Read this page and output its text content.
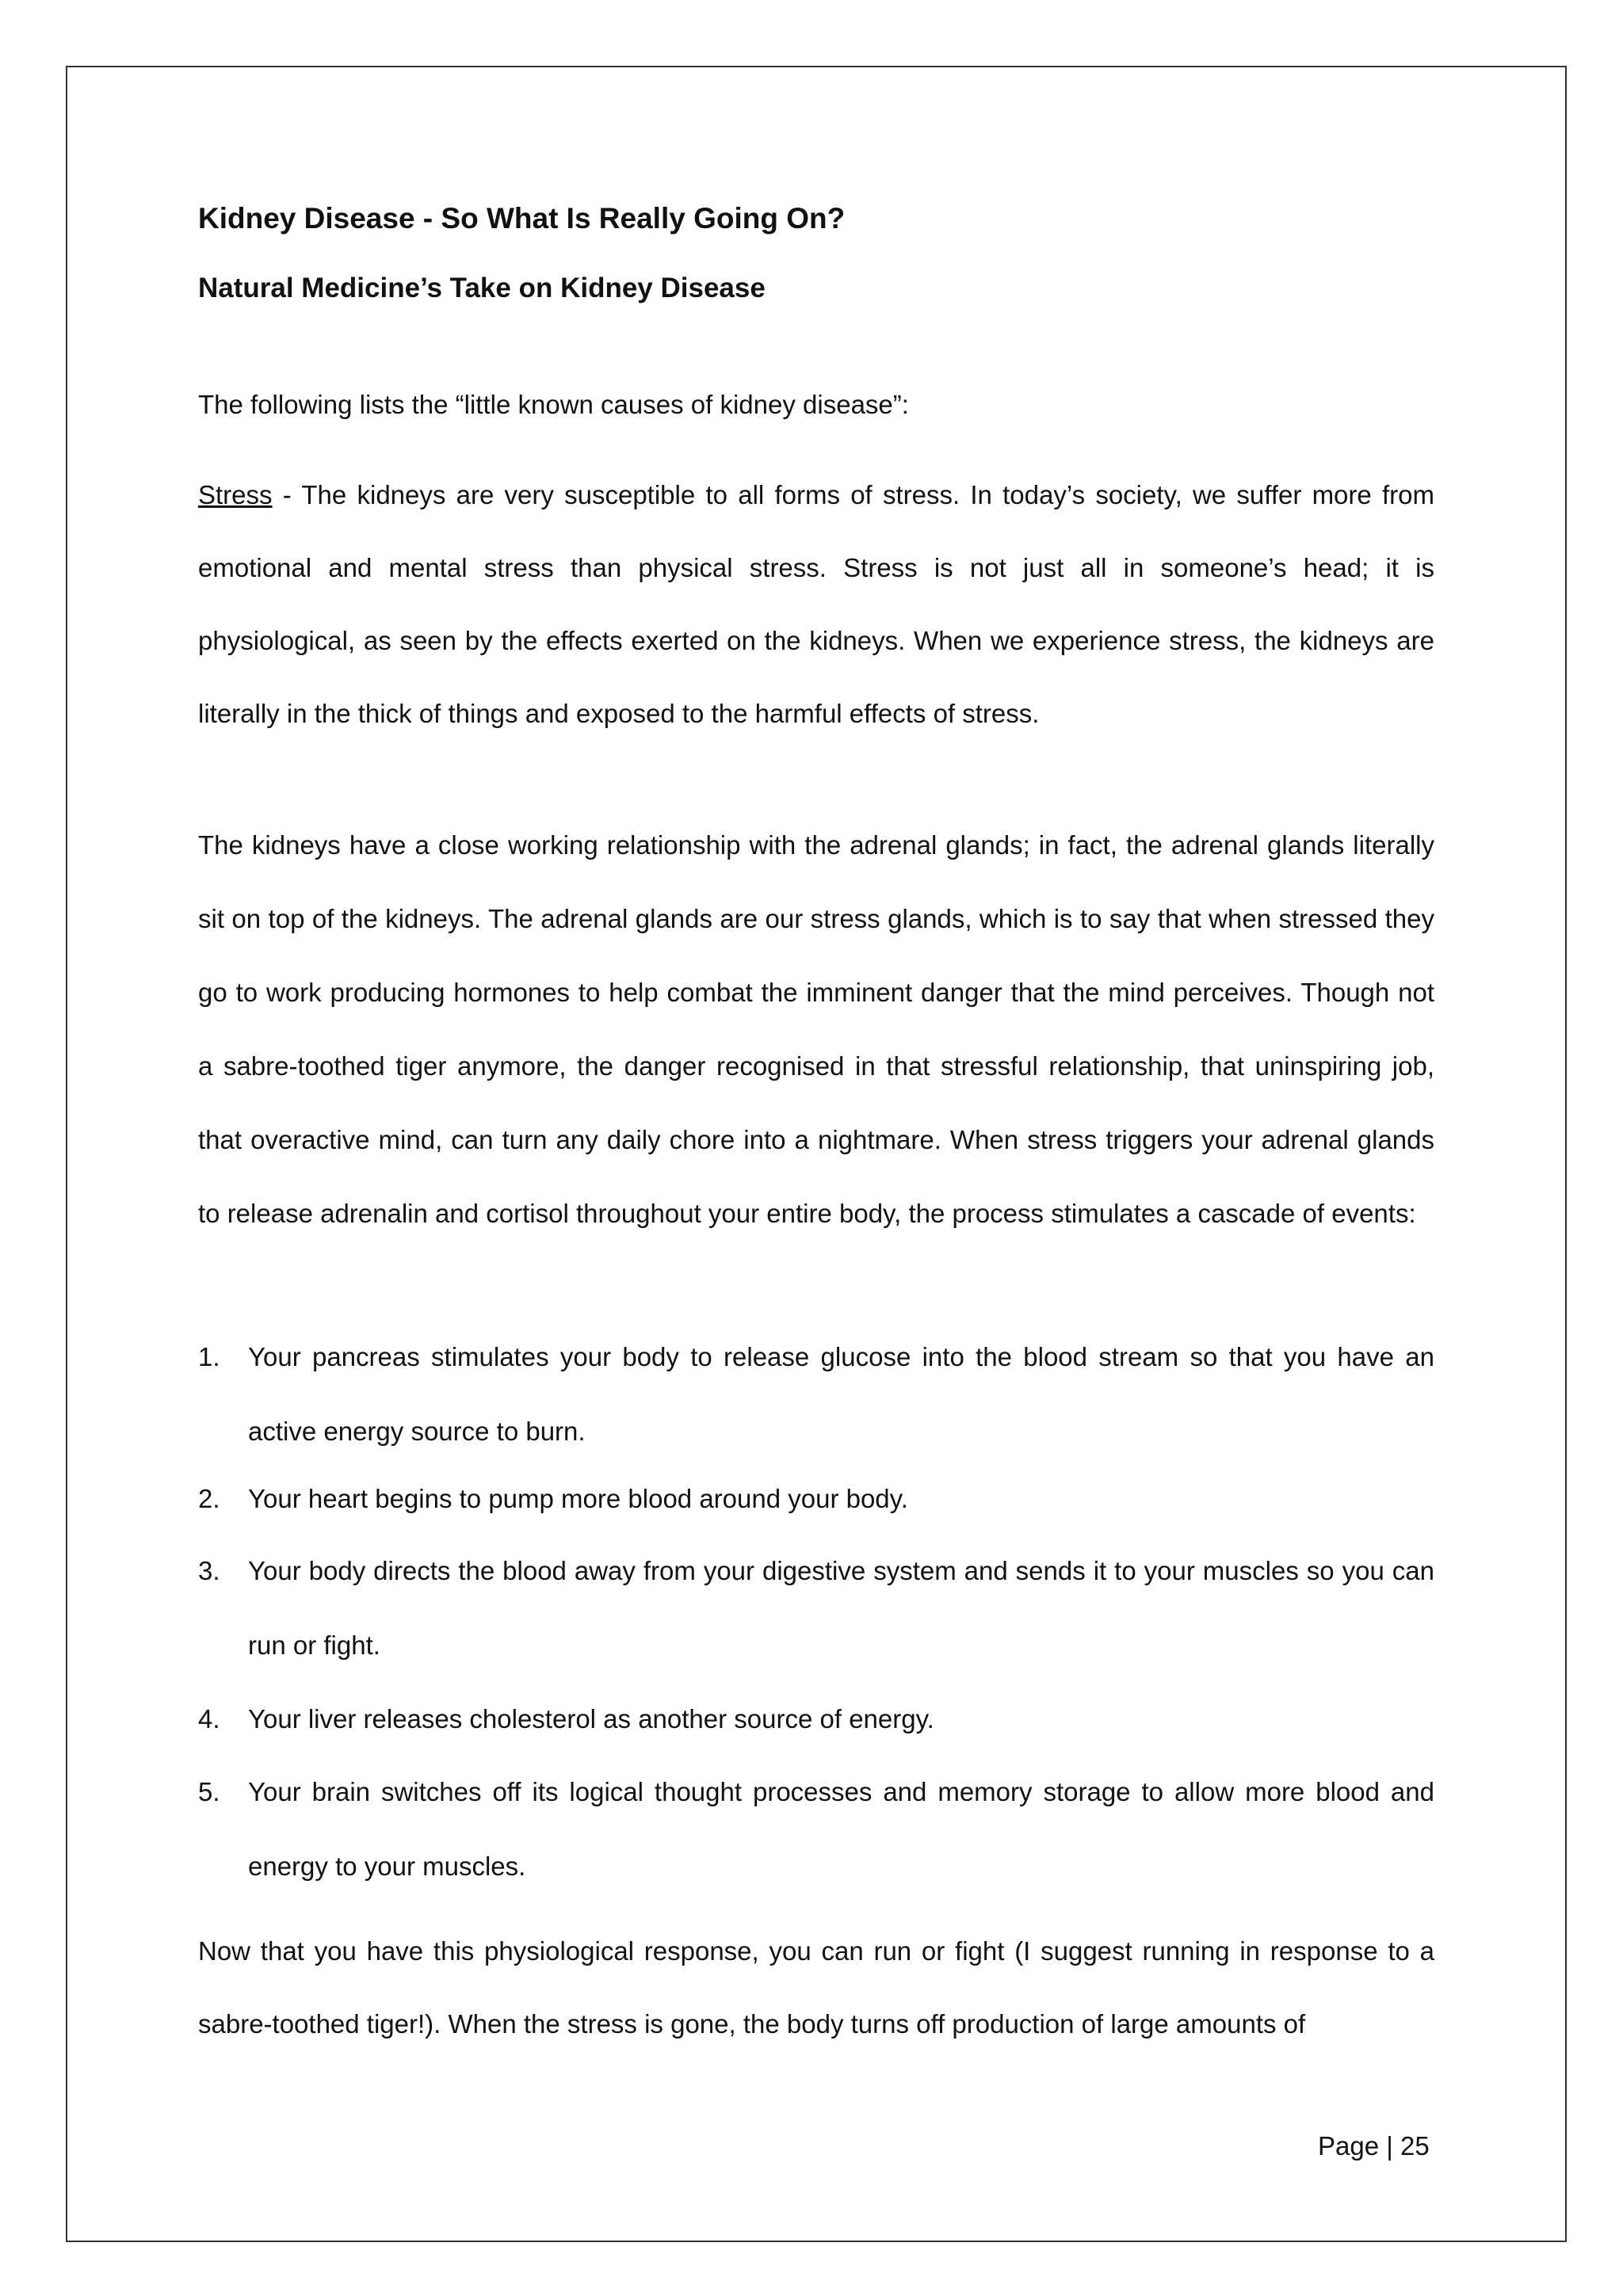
Kidney Disease - So What Is Really Going On?
Natural Medicine’s Take on Kidney Disease
The following lists the “little known causes of kidney disease”:

Stress - The kidneys are very susceptible to all forms of stress. In today’s society, we suffer more from emotional and mental stress than physical stress. Stress is not just all in someone’s head; it is physiological, as seen by the effects exerted on the kidneys. When we experience stress, the kidneys are literally in the thick of things and exposed to the harmful effects of stress.

The kidneys have a close working relationship with the adrenal glands; in fact, the adrenal glands literally sit on top of the kidneys. The adrenal glands are our stress glands, which is to say that when stressed they go to work producing hormones to help combat the imminent danger that the mind perceives. Though not a sabre-toothed tiger anymore, the danger recognised in that stressful relationship, that uninspiring job, that overactive mind, can turn any daily chore into a nightmare. When stress triggers your adrenal glands to release adrenalin and cortisol throughout your entire body, the process stimulates a cascade of events:

1. Your pancreas stimulates your body to release glucose into the blood stream so that you have an active energy source to burn.
2. Your heart begins to pump more blood around your body.
3. Your body directs the blood away from your digestive system and sends it to your muscles so you can run or fight.
4. Your liver releases cholesterol as another source of energy.
5. Your brain switches off its logical thought processes and memory storage to allow more blood and energy to your muscles.

Now that you have this physiological response, you can run or fight (I suggest running in response to a sabre-toothed tiger!). When the stress is gone, the body turns off production of large amounts of

Page | 25
